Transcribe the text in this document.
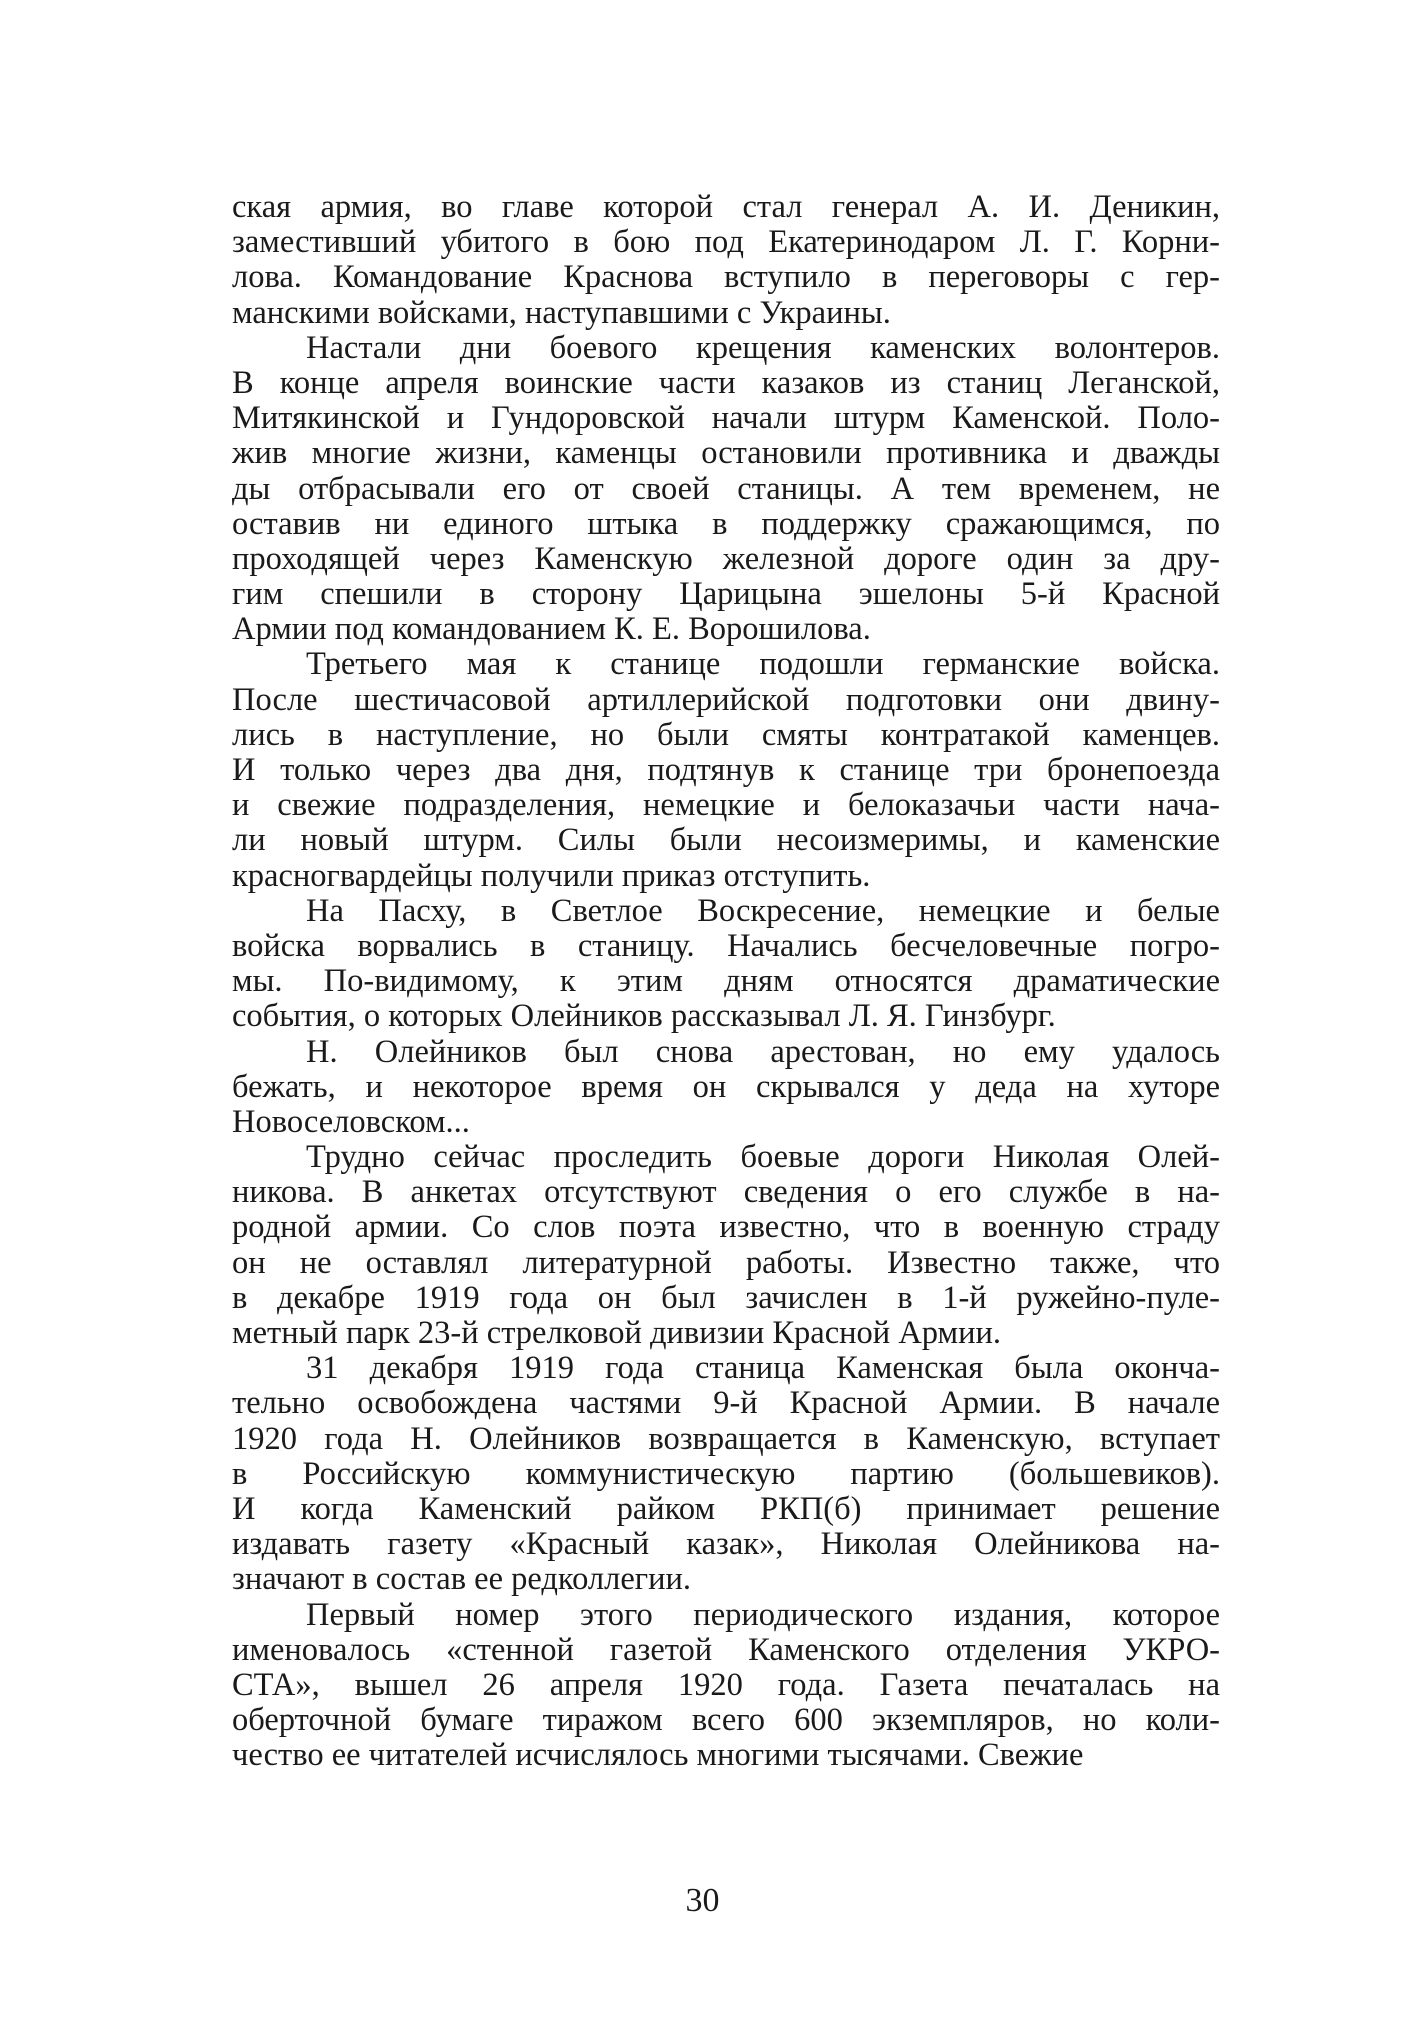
ская армия, во главе которой стал генерал А. И. Деникин,
заместивший убитого в бою под Екатеринодаром Л. Г. Корни-
лова. Командование Краснова вступило в переговоры с гер-
манскими войсками, наступавшими с Украины.
Настали дни боевого крещения каменских волонтеров.
В конце апреля воинские части казаков из станиц Леганской,
Митякинской и Гундоровской начали штурм Каменской. Поло-
жив многие жизни, каменцы остановили противника и дважды
ды отбрасывали его от своей станицы. А тем временем, не
оставив ни единого штыка в поддержку сражающимся, по
проходящей через Каменскую железной дороге один за дру-
гим спешили в сторону Царицына эшелоны 5-й Красной
Армии под командованием К. Е. Ворошилова.
Третьего мая к станице подошли германские войска.
После шестичасовой артиллерийской подготовки они двину-
лись в наступление, но были смяты контратакой каменцев.
И только через два дня, подтянув к станице три бронепоезда
и свежие подразделения, немецкие и белоказачьи части нача-
ли новый штурм. Силы были несоизмеримы, и каменские
красногвардейцы получили приказ отступить.
На Пасху, в Светлое Воскресение, немецкие и белые
войска ворвались в станицу. Начались бесчеловечные погро-
мы. По-видимому, к этим дням относятся драматические
события, о которых Олейников рассказывал Л. Я. Гинзбург.
Н. Олейников был снова арестован, но ему удалось
бежать, и некоторое время он скрывался у деда на хуторе
Новоселовском...
Трудно сейчас проследить боевые дороги Николая Олей-
никова. В анкетах отсутствуют сведения о его службе в на-
родной армии. Со слов поэта известно, что в военную страду
он не оставлял литературной работы. Известно также, что
в декабре 1919 года он был зачислен в 1-й ружейно-пуле-
метный парк 23-й стрелковой дивизии Красной Армии.
31 декабря 1919 года станица Каменская была оконча-
тельно освобождена частями 9-й Красной Армии. В начале
1920 года Н. Олейников возвращается в Каменскую, вступает
в Российскую коммунистическую партию (большевиков).
И когда Каменский райком РКП(б) принимает решение
издавать газету «Красный казак», Николая Олейникова на-
значают в состав ее редколлегии.
Первый номер этого периодического издания, которое
именовалось «стенной газетой Каменского отделения УКРО-
СТА», вышел 26 апреля 1920 года. Газета печаталась на
оберточной бумаге тиражом всего 600 экземпляров, но коли-
чество ее читателей исчислялось многими тысячами. Свежие
30
